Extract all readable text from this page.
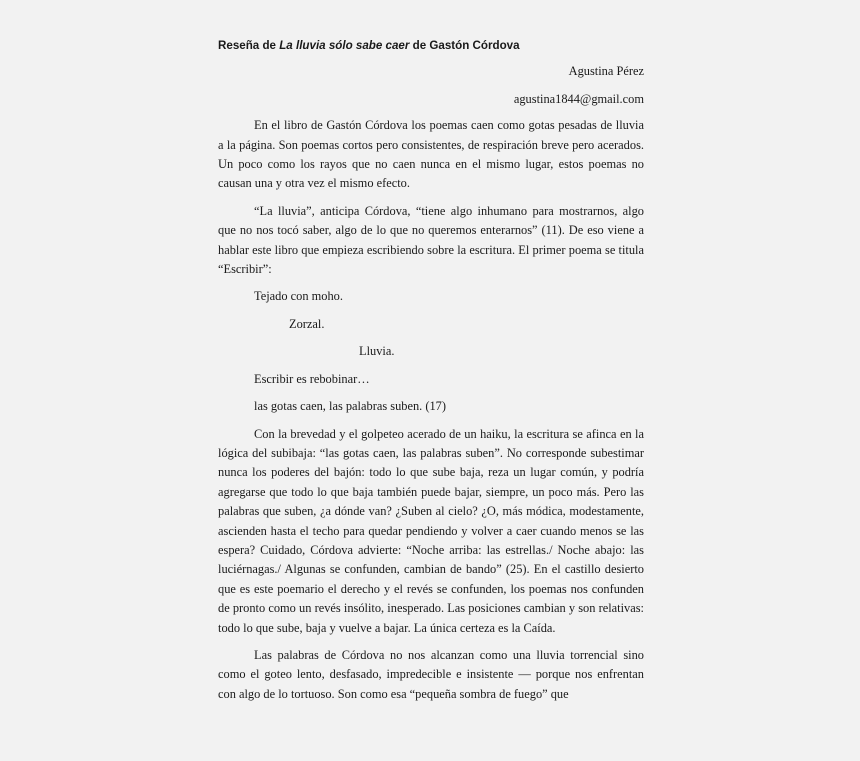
Reseña de La lluvia sólo sabe caer de Gastón Córdova
Agustina Pérez
agustina1844@gmail.com

En el libro de Gastón Córdova los poemas caen como gotas pesadas de lluvia a la página. Son poemas cortos pero consistentes, de respiración breve pero acerados. Un poco como los rayos que no caen nunca en el mismo lugar, estos poemas no causan una y otra vez el mismo efecto.

“La lluvia”, anticipa Córdova, “tiene algo inhumano para mostrarnos, algo que no nos tocó saber, algo de lo que no queremos enterarnos” (11). De eso viene a hablar este libro que empieza escribiendo sobre la escritura. El primer poema se titula “Escribir”:

Tejado con moho.

Zorzal.

Lluvia.

Escribir es rebobinar…

las gotas caen, las palabras suben. (17)

Con la brevedad y el golpeteo acerado de un haiku, la escritura se afinca en la lógica del subibaja: “las gotas caen, las palabras suben”. No corresponde subestimar nunca los poderes del bajón: todo lo que sube baja, reza un lugar común, y podría agregarse que todo lo que baja también puede bajar, siempre, un poco más. Pero las palabras que suben, ¿a dónde van? ¿Suben al cielo? ¿O, más módica, modestamente, ascienden hasta el techo para quedar pendiendo y volver a caer cuando menos se las espera? Cuidado, Córdova advierte: “Noche arriba: las estrellas./ Noche abajo: las luciérnagas./ Algunas se confunden, cambian de bando” (25). En el castillo desierto que es este poemario el derecho y el revés se confunden, los poemas nos confunden de pronto como un revés insólito, inesperado. Las posiciones cambian y son relativas: todo lo que sube, baja y vuelve a bajar. La única certeza es la Caída.

Las palabras de Córdova no nos alcanzan como una lluvia torrencial sino como el goteo lento, desfasado, impredecible e insistente — porque nos enfrentan con algo de lo tortuoso. Son como esa “pequeña sombra de fuego” que
